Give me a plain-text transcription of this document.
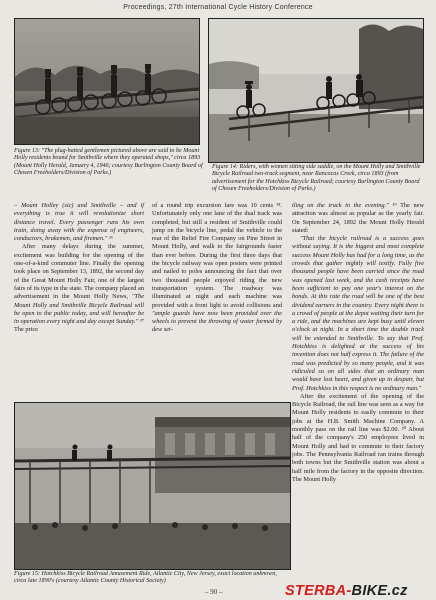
Proceedings, 27th International Cycle History Conference
Figure 13: "The plug-hatted gentlemen pictured above are said to be Mount Holly residents bound for Smithville where they operated shops," circa 1893 (Mount Holly Herald, January 4, 1946; courtesy Burlington County Board of Chosen Freeholders/Division of Parks.)
Figure 14: Riders, with women sitting side saddle, on the Mount Holly and Smithville Bicycle Railroad two-track segment, near Rancocas Creek, circa 1893 (from advertisement for the Hotchkiss Bicycle Railroad; courtesy Burlington County Board of Chosen Freeholders/Division of Parks.)

– Mount Holley (sic) and Smithville – and if everything is true it will revolutionize short distance travel. Every passenger runs his own train, doing away with the expense of engineers, conductors, brakemen, and firemen." ¹⁶

After many delays during the summer, excitement was building for the opening of the one-of-a-kind commuter line. Finally the opening took place on September 13, 1892, the second day of the Great Mount Holly Fair, one of the largest fairs of its type in the state. The company placed an advertisement in the Mount Holly News, "The Mount Holly and Smithville Bicycle Railroad will be open to the public today, and will hereafter be in operation every night and day except Sunday." ¹⁷ The price

of a round trip excursion fare was 10 cents ¹⁸. Unfortunately only one lane of the dual track was completed, but still a resident of Smithville could jump on the bicycle line, pedal the vehicle to the rear of the Relief Fire Company on Pine Street in Mount Holly, and walk to the fairgrounds faster than ever before. During the first three days that the bicycle railway was open posters were printed and nailed to poles announcing the fact that over two thousand people enjoyed riding the new transportation system. The roadway was illuminated at night and each machine was provided with a front light to avoid collisions and "ample guards have now been provided over the wheels to prevent the throwing of water formed by dew set-

tling on the track in the evening." ¹⁹ The new attraction was almost as popular as the yearly fair. On September 24, 1892 the Mount Holly Herald stated:

"That the bicycle railroad is a success goes without saying. It is the biggest and most complete success Mount Holly has had for a long time, as the crowds that gather nightly will testify. Fully five thousand people have been carried since the road was opened last week, and the cash receipts have been sufficient to pay one year's interest on the bonds. At this rate the road will be one of the best dividend earners in the country. Every night there is a crowd of people at the depot waiting their turn for a ride, and the machines are kept busy until eleven o'clock at night. In a short time the double track will be extended to Smithville. To say that Prof. Hotchkiss is delighted at the success of his invention does not half express it. The failure of the road was predicted by so many people, and it was ridiculed so on all sides that an ordinary man would have lost heart, and given up in despair, but Prof. Hotchkiss in this respect is no ordinary man."

After the excitement of the opening of the Bicycle Railroad, the rail line was seen as a way for Mount Holly residents to easily commute to their jobs at the H.B. Smith Machine Company. A monthly pass on the rail line was $2.00. ²⁰ About half of the company's 250 employees lived in Mount Holly and had to commute to their factory jobs. The Pennsylvania Railroad ran trains through both towns but the Smithville station was about a half mile from the factory in the opposite direction. The Mount Holly

Figure 15: Hotchkiss Bicycle Railroad Amusement Ride, Atlantic City, New Jersey, exact location unknown, circa late 1890's (courtesy Atlantic County Historical Society)
– 90 –	STERBA-BIKE.cz
